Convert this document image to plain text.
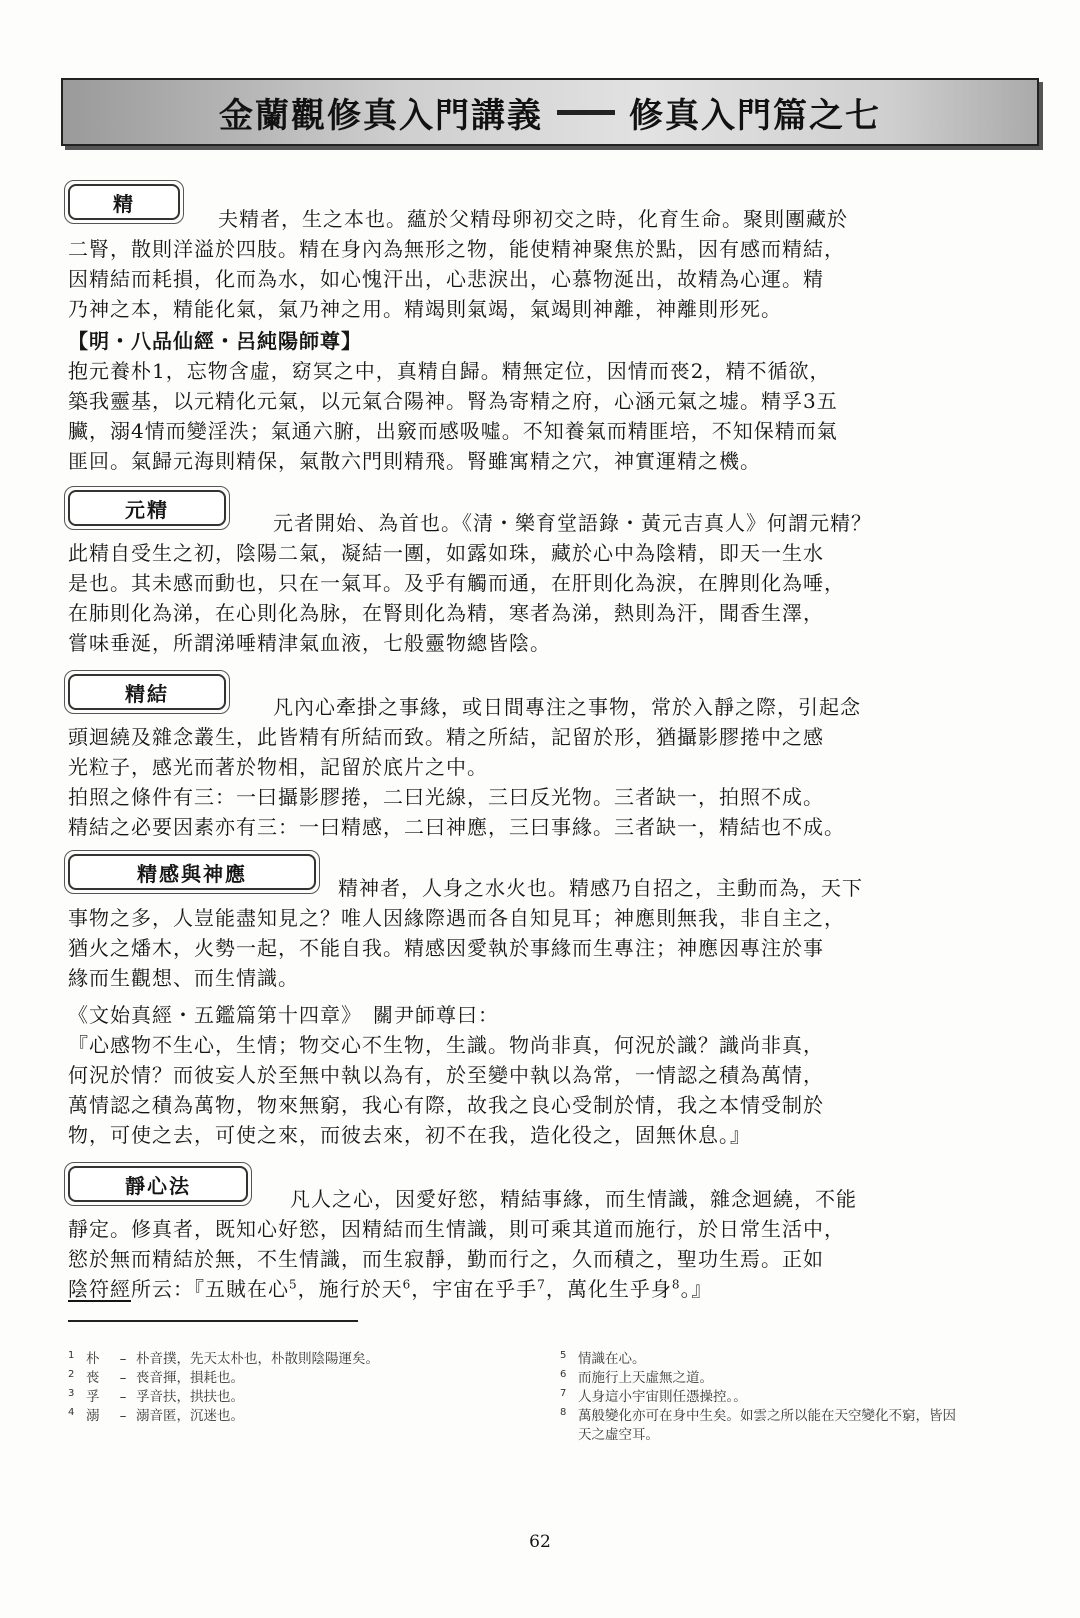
金蘭觀修真入門講義	修真入門篇之七
精
夫精者，生之本也。蘊於父精母卵初交之時，化育生命。聚則團藏於
二腎，散則洋溢於四肢。精在身內為無形之物，能使精神聚焦於點，因有感而精結，
因精結而耗損，化而為水，如心愧汗出，心悲淚出，心慕物涎出，故精為心運。精
乃神之本，精能化氣，氣乃神之用。精竭則氣竭，氣竭則神離，神離則形死。
【明・八品仙經・呂純陽師尊】
抱元養朴1，忘物含虛，窈冥之中，真精自歸。精無定位，因情而䘮2，精不循欲，
築我靈基，以元精化元氣，以元氣合陽神。腎為寄精之府，心涵元氣之墟。精孚3五
臟，溺4情而變淫泆；氣通六腑，出竅而感吸噓。不知養氣而精匪培，不知保精而氣
匪回。氣歸元海則精保，氣散六門則精飛。腎雖寓精之穴，神實運精之機。
元精
元者開始、為首也。《清・樂育堂語錄・黃元吉真人》何謂元精？
此精自受生之初，陰陽二氣，凝結一團，如露如珠，藏於心中為陰精，即天一生水
是也。其未感而動也，只在一氣耳。及乎有觸而通，在肝則化為淚，在脾則化為唾，
在肺則化為涕，在心則化為脉，在腎則化為精，寒者為涕，熱則為汗，聞香生澤，
嘗味垂涎，所謂涕唾精津氣血液，七般靈物總皆陰。
精結
凡內心牽掛之事緣，或日間專注之事物，常於入靜之際，引起念
頭迴繞及雜念叢生，此皆精有所結而致。精之所結，記留於形，猶攝影膠捲中之感
光粒子，感光而著於物相，記留於底片之中。
拍照之條件有三：一曰攝影膠捲，二曰光線，三曰反光物。三者缺一，拍照不成。
精結之必要因素亦有三：一曰精感，二曰神應，三曰事緣。三者缺一，精結也不成。
精感與神應
精神者，人身之水火也。精感乃自招之，主動而為，天下
事物之多，人豈能盡知見之？唯人因緣際遇而各自知見耳；神應則無我，非自主之，
猶火之燔木，火勢一起，不能自我。精感因愛執於事緣而生專注；神應因專注於事
緣而生觀想、而生情識。
《文始真經・五鑑篇第十四章》　關尹師尊曰：
『心感物不生心，生情；物交心不生物，生識。物尚非真，何況於識？識尚非真，
何況於情？而彼妄人於至無中執以為有，於至變中執以為常，一情認之積為萬情，
萬情認之積為萬物，物來無窮，我心有際，故我之良心受制於情，我之本情受制於
物，可使之去，可使之來，而彼去來，初不在我，造化役之，固無休息。』
靜心法
凡人之心，因愛好慾，精結事緣，而生情識，雜念迴繞，不能
靜定。修真者，既知心好慾，因精結而生情識，則可乘其道而施行，於日常生活中，
慾於無而精結於無，不生情識，而生寂靜，勤而行之，久而積之，聖功生焉。正如
陰符經所云：『五賊在心$^5$，施行於天$^6$，宇宙在乎手$^7$，萬化生乎身$^8$。』
1 朴 – 朴音撲，先天太朴也，朴散則陰陽運矣。
2 䘮 – 䘮音揮，損耗也。
3 孚 – 孚音扶，拱扶也。
4 溺 – 溺音匿，沉迷也。
5 情識在心。
6 而施行上天虛無之道。
7 人身這小宇宙則任憑操控。。
8 萬般變化亦可在身中生矣。如雲之所以能在天空變化不窮，皆因天之虛空耳。
62
